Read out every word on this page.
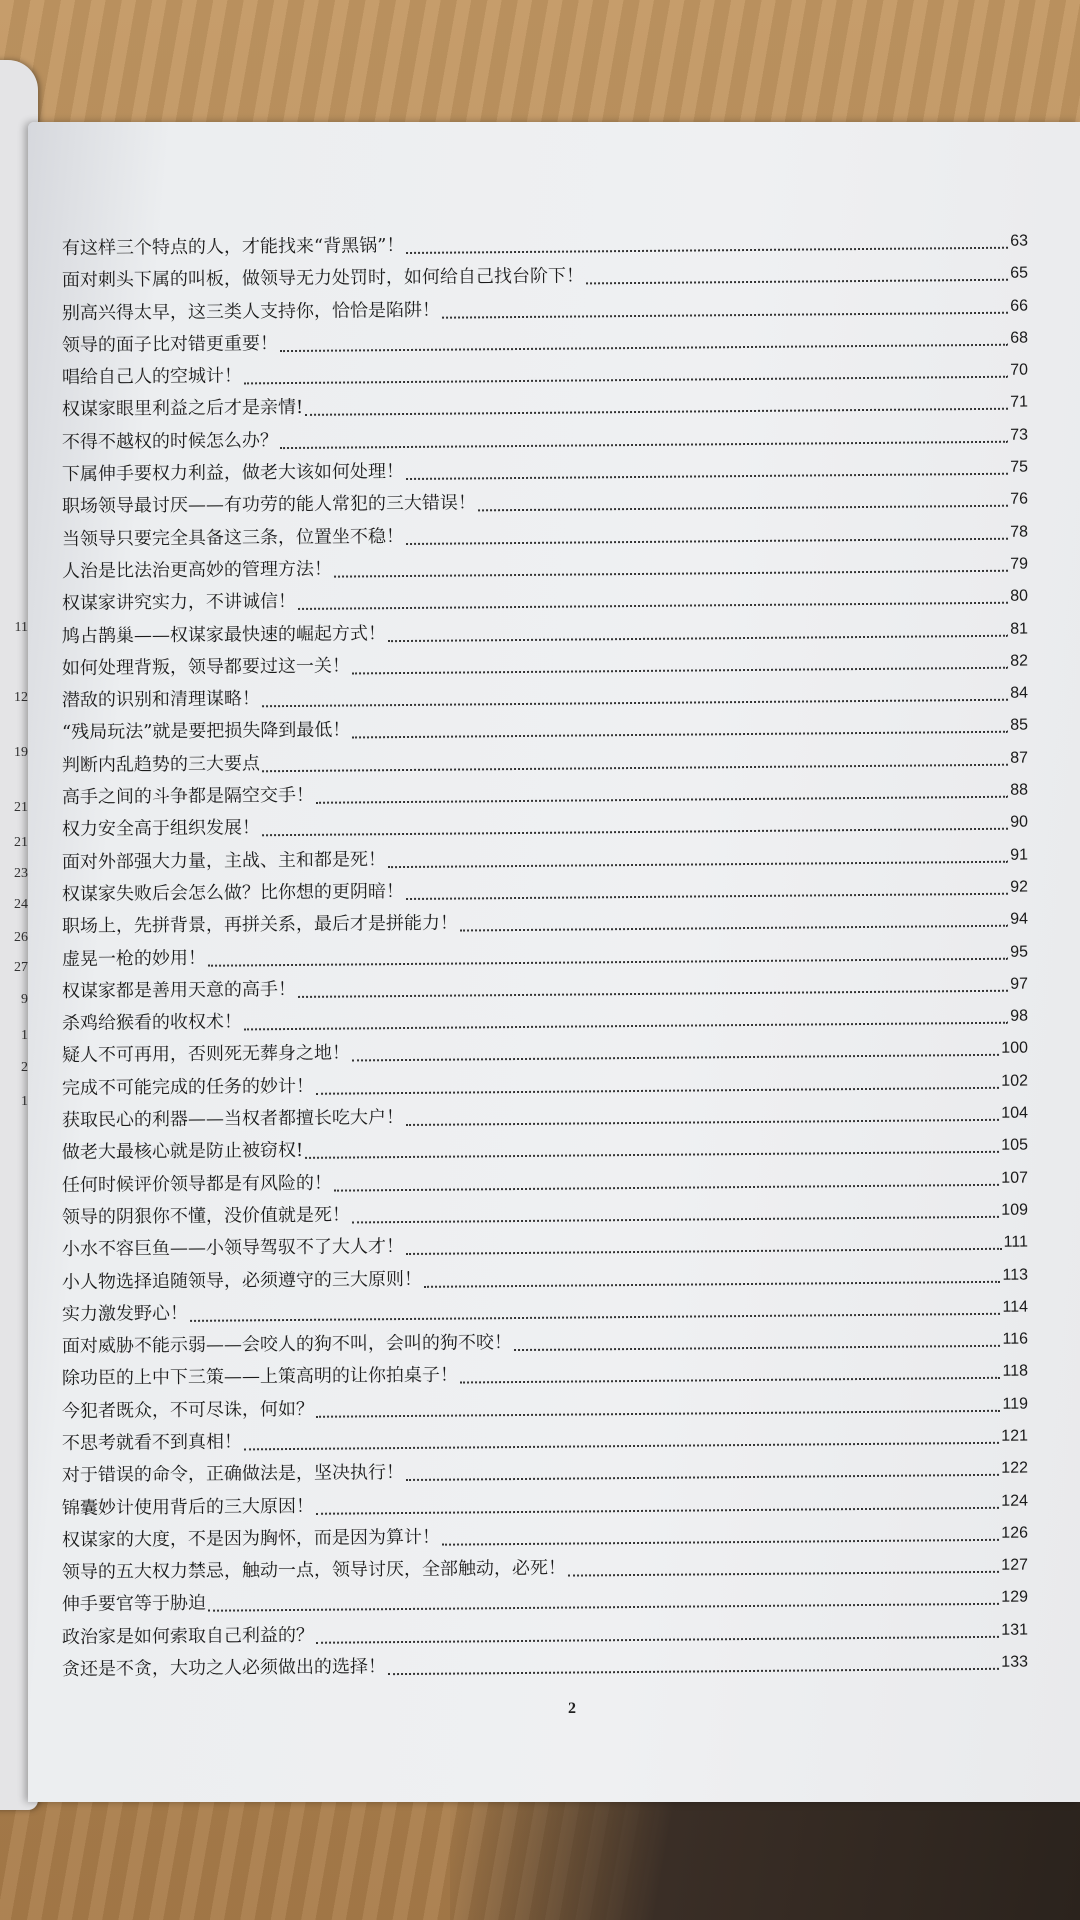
11
12
19
21
21
23
24
26
27
9
1
2
1
有这样三个特点的人，才能找来“背黑锅”！	63
面对刺头下属的叫板，做领导无力处罚时，如何给自己找台阶下！	65
别高兴得太早，这三类人支持你，恰恰是陷阱！	66
领导的面子比对错更重要！	68
唱给自己人的空城计！	70
权谋家眼里利益之后才是亲情!	71
不得不越权的时候怎么办？	73
下属伸手要权力利益，做老大该如何处理！	75
职场领导最讨厌——有功劳的能人常犯的三大错误！	76
当领导只要完全具备这三条，位置坐不稳！	78
人治是比法治更高妙的管理方法！	79
权谋家讲究实力，不讲诚信！	80
鸠占鹊巢——权谋家最快速的崛起方式！	81
如何处理背叛，领导都要过这一关！	82
潜敌的识别和清理谋略！	84
“残局玩法”就是要把损失降到最低！	85
判断内乱趋势的三大要点	87
高手之间的斗争都是隔空交手！	88
权力安全高于组织发展！	90
面对外部强大力量，主战、主和都是死！	91
权谋家失败后会怎么做？比你想的更阴暗！	92
职场上，先拼背景，再拼关系，最后才是拼能力！	94
虚晃一枪的妙用！	95
权谋家都是善用天意的高手！	97
杀鸡给猴看的收权术！	98
疑人不可再用，否则死无葬身之地！	100
完成不可能完成的任务的妙计！	102
获取民心的利器——当权者都擅长吃大户！	104
做老大最核心就是防止被窃权!	105
任何时候评价领导都是有风险的！	107
领导的阴狠你不懂，没价值就是死！	109
小水不容巨鱼——小领导驾驭不了大人才！	111
小人物选择追随领导，必须遵守的三大原则！	113
实力激发野心！	114
面对威胁不能示弱——会咬人的狗不叫，会叫的狗不咬！	116
除功臣的上中下三策——上策高明的让你拍桌子！	118
今犯者既众，不可尽诛，何如？	119
不思考就看不到真相！	121
对于错误的命令，正确做法是，坚决执行！	122
锦囊妙计使用背后的三大原因！	124
权谋家的大度，不是因为胸怀，而是因为算计！	126
领导的五大权力禁忌，触动一点，领导讨厌，全部触动，必死！	127
伸手要官等于胁迫	129
政治家是如何索取自己利益的？	131
贪还是不贪，大功之人必须做出的选择！	133
2
